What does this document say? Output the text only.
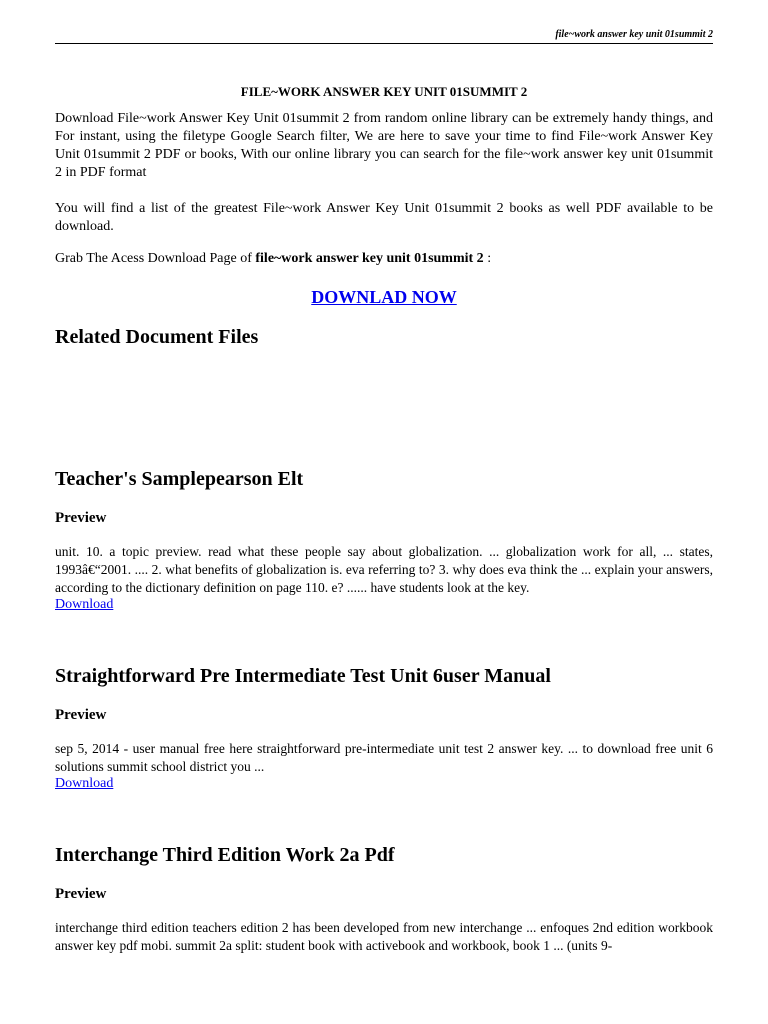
file~work answer key unit 01summit 2
FILE~WORK ANSWER KEY UNIT 01SUMMIT 2

Download File~work Answer Key Unit 01summit 2 from random online library can be extremely handy things, and For instant, using the filetype Google Search filter, We are here to save your time to find File~work Answer Key Unit 01summit 2 PDF or books, With our online library you can search for the file~work answer key unit 01summit 2 in PDF format

You will find a list of the greatest File~work Answer Key Unit 01summit 2 books as well PDF available to be download.

Grab The Acess Download Page of file~work answer key unit 01summit 2 :

DOWNLAD NOW
Related Document Files
Teacher's Samplepearson Elt
Preview

unit. 10. a topic preview. read what these people say about globalization. ... globalization work for all, ... states, 1993â€“2001. .... 2. what benefits of globalization is. eva referring to? 3. why does eva think the ... explain your answers, according to the dictionary definition on page 110. e? ...... have students look at the key.

Download
Straightforward Pre Intermediate Test Unit 6user Manual
Preview

sep 5, 2014 - user manual free here straightforward pre-intermediate unit test 2 answer key. ... to download free unit 6 solutions summit school district you ...

Download
Interchange Third Edition Work 2a Pdf
Preview

interchange third edition teachers edition 2 has been developed from new interchange ... enfoques 2nd edition workbook answer key pdf mobi. summit 2a split: student book with activebook and workbook, book 1 ... (units 9-
